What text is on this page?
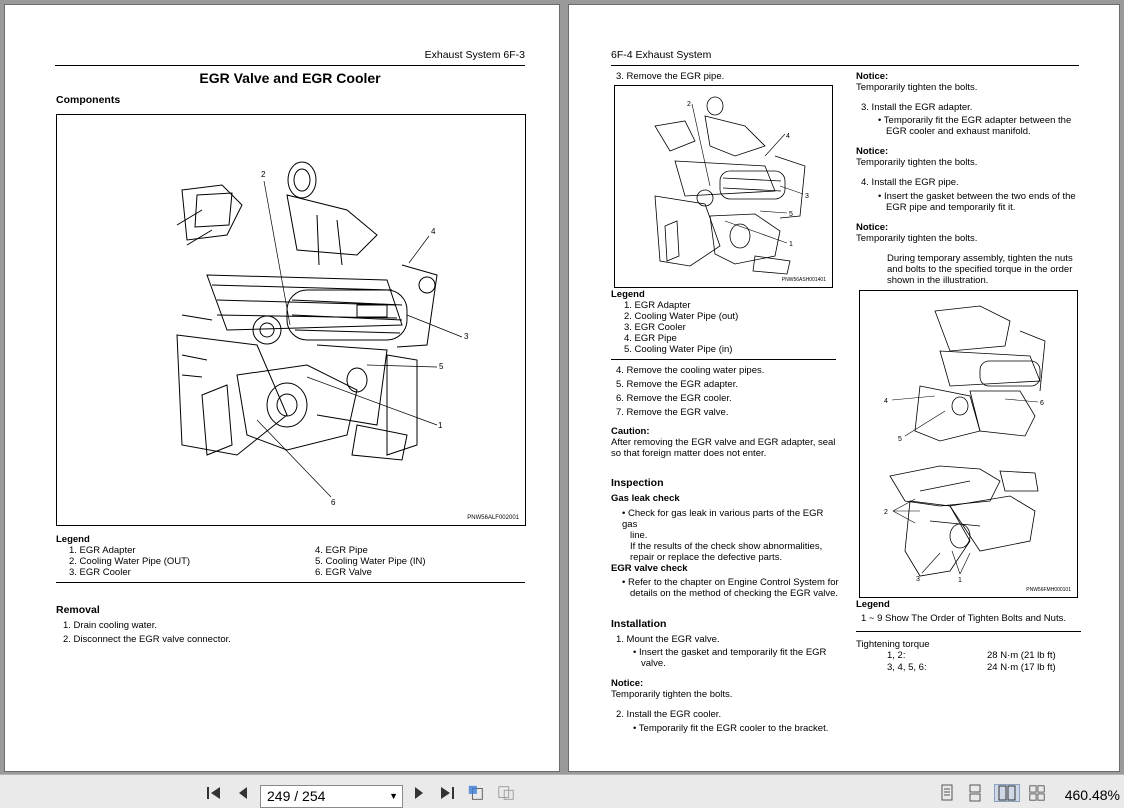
Exhaust System 6F-3
EGR Valve and EGR Cooler
Components
2
4
3
5
1
6
PNW56ALF002001
Legend
1. EGR Adapter
2. Cooling Water Pipe (OUT)
3. EGR Cooler
4. EGR Pipe
5. Cooling Water Pipe (IN)
6. EGR Valve
Removal
1. Drain cooling water.
2. Disconnect the EGR valve connector.
6F-4 Exhaust System
3. Remove the EGR pipe.
2
4
3
5
1
PNW56ASH001401
Legend
1. EGR Adapter
2. Cooling Water Pipe (out)
3. EGR Cooler
4. EGR Pipe
5. Cooling Water Pipe (in)
4. Remove the cooling water pipes.
5. Remove the EGR adapter.
6. Remove the EGR cooler.
7. Remove the EGR valve.
Caution:
After removing the EGR valve and EGR adapter, seal
so that foreign matter does not enter.
Inspection
Gas leak check
• Check for gas leak in various parts of the EGR gas
line.
If the results of the check show abnormalities,
repair or replace the defective parts.
EGR valve check
• Refer to the chapter on Engine Control System for
details on the method of checking the EGR valve.
Installation
1. Mount the EGR valve.
• Insert the gasket and temporarily fit the EGR
valve.
Notice:
Temporarily tighten the bolts.
2. Install the EGR cooler.
• Temporarily fit the EGR cooler to the bracket.
Notice:
Temporarily tighten the bolts.
3. Install the EGR adapter.
• Temporarily fit the EGR adapter between the
EGR cooler and exhaust manifold.
Notice:
Temporarily tighten the bolts.
4. Install the EGR pipe.
• Insert the gasket between the two ends of the
EGR pipe and temporarily fit it.
Notice:
Temporarily tighten the bolts.
During temporary assembly, tighten the nuts
and bolts to the specified torque in the order
shown in the illustration.
6
4
5
2
3	1
PNW56FMH000101
Legend
1 ~ 9 Show The Order of Tighten Bolts and Nuts.
Tightening torque
1, 2:	28 N·m (21 lb ft)
3, 4, 5, 6:	24 N·m (17 lb ft)
249 / 254	▼	460.48%
